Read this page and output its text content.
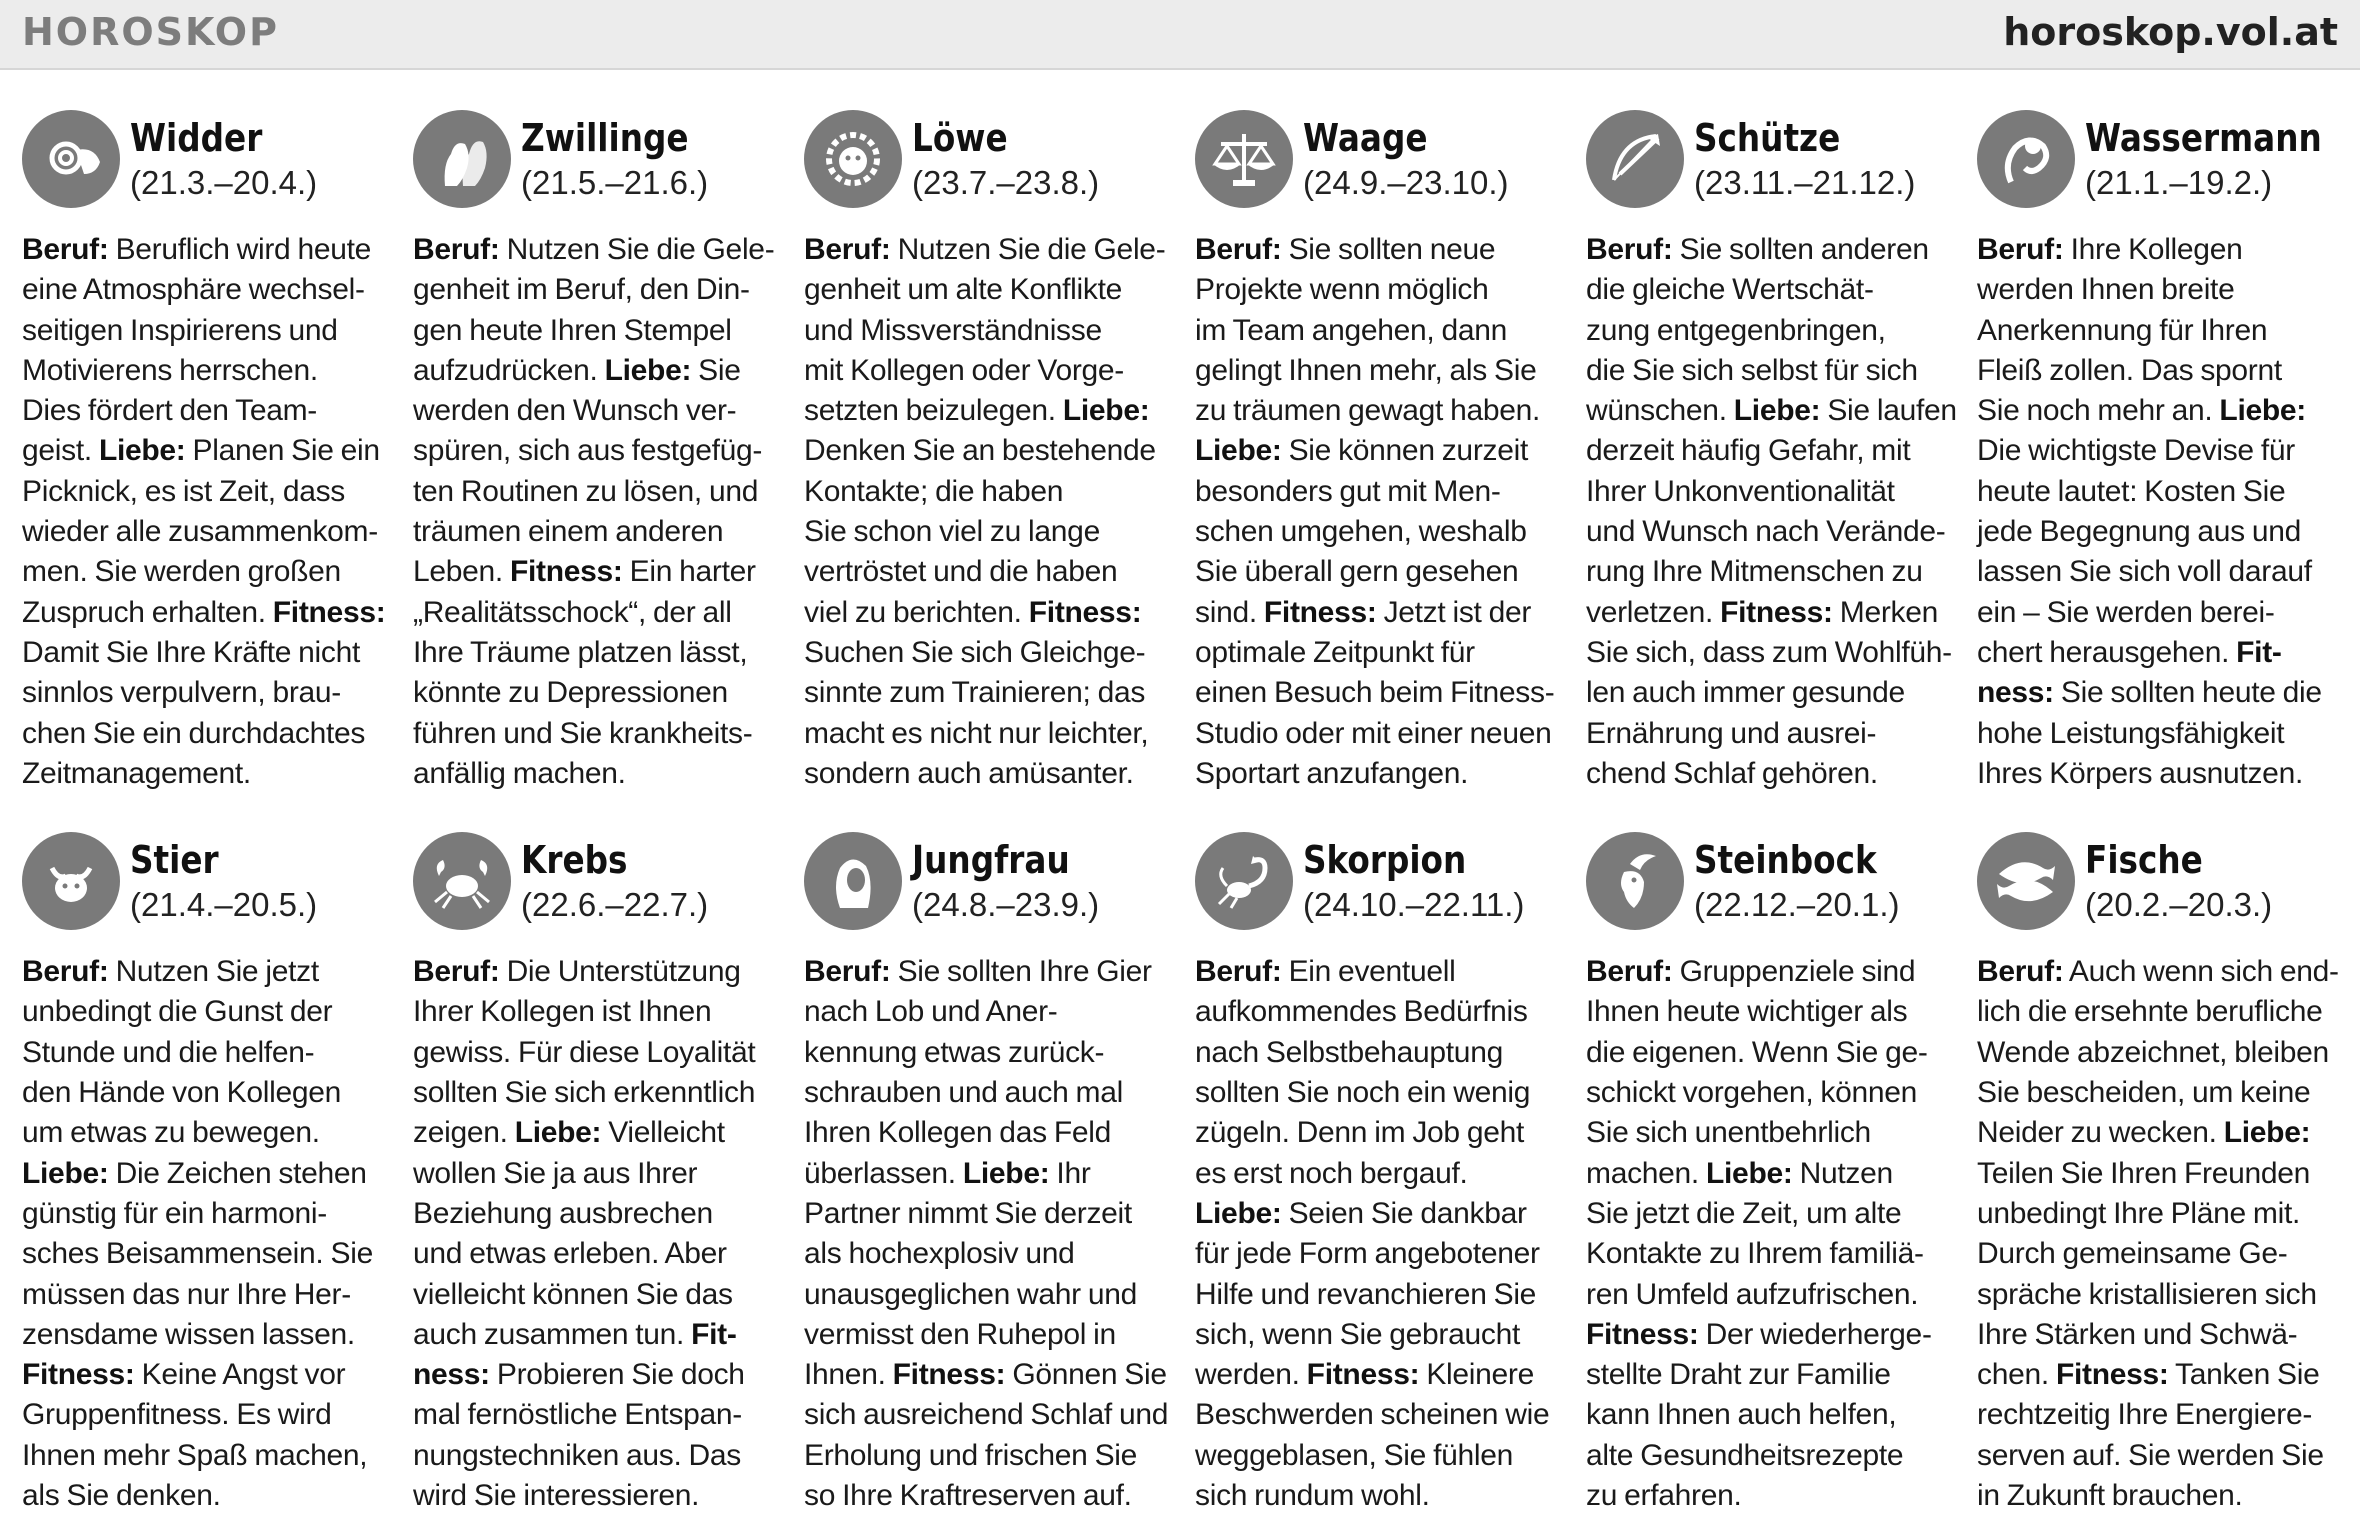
HOROSKOP	horoskop.vol.at
Widder
(21.3.–20.4.)
Beruf: Beruflich wird heute
eine Atmosphäre wechsel-
seitigen Inspirierens und
Motivierens herrschen.
Dies fördert den Team-
geist. Liebe: Planen Sie ein
Picknick, es ist Zeit, dass
wieder alle zusammenkom-
men. Sie werden großen
Zuspruch erhalten. Fitness:
Damit Sie Ihre Kräfte nicht
sinnlos verpulvern, brau-
chen Sie ein durchdachtes
Zeitmanagement.
Zwillinge
(21.5.–21.6.)
Beruf: Nutzen Sie die Gele-
genheit im Beruf, den Din-
gen heute Ihren Stempel
aufzudrücken. Liebe: Sie
werden den Wunsch ver-
spüren, sich aus festgefüg-
ten Routinen zu lösen, und
träumen einem anderen
Leben. Fitness: Ein harter
„Realitätsschock“, der all
Ihre Träume platzen lässt,
könnte zu Depressionen
führen und Sie krankheits-
anfällig machen.
Löwe
(23.7.–23.8.)
Beruf: Nutzen Sie die Gele-
genheit um alte Konflikte
und Missverständnisse
mit Kollegen oder Vorge-
setzten beizulegen. Liebe:
Denken Sie an bestehende
Kontakte; die haben
Sie schon viel zu lange
vertröstet und die haben
viel zu berichten. Fitness:
Suchen Sie sich Gleichge-
sinnte zum Trainieren; das
macht es nicht nur leichter,
sondern auch amüsanter.
Waage
(24.9.–23.10.)
Beruf: Sie sollten neue
Projekte wenn möglich
im Team angehen, dann
gelingt Ihnen mehr, als Sie
zu träumen gewagt haben.
Liebe: Sie können zurzeit
besonders gut mit Men-
schen umgehen, weshalb
Sie überall gern gesehen
sind. Fitness: Jetzt ist der
optimale Zeitpunkt für
einen Besuch beim Fitness-
Studio oder mit einer neuen
Sportart anzufangen.
Schütze
(23.11.–21.12.)
Beruf: Sie sollten anderen
die gleiche Wertschät-
zung entgegenbringen,
die Sie sich selbst für sich
wünschen. Liebe: Sie laufen
derzeit häufig Gefahr, mit
Ihrer Unkonventionalität
und Wunsch nach Verände-
rung Ihre Mitmenschen zu
verletzen. Fitness: Merken
Sie sich, dass zum Wohlfüh-
len auch immer gesunde
Ernährung und ausrei-
chend Schlaf gehören.
Wassermann
(21.1.–19.2.)
Beruf: Ihre Kollegen
werden Ihnen breite
Anerkennung für Ihren
Fleiß zollen. Das spornt
Sie noch mehr an. Liebe:
Die wichtigste Devise für
heute lautet: Kosten Sie
jede Begegnung aus und
lassen Sie sich voll darauf
ein – Sie werden berei-
chert herausgehen. Fit-
ness: Sie sollten heute die
hohe Leistungsfähigkeit
Ihres Körpers ausnutzen.
Stier
(21.4.–20.5.)
Beruf: Nutzen Sie jetzt
unbedingt die Gunst der
Stunde und die helfen-
den Hände von Kollegen
um etwas zu bewegen.
Liebe: Die Zeichen stehen
günstig für ein harmoni-
sches Beisammensein. Sie
müssen das nur Ihre Her-
zensdame wissen lassen.
Fitness: Keine Angst vor
Gruppenfitness. Es wird
Ihnen mehr Spaß machen,
als Sie denken.
Krebs
(22.6.–22.7.)
Beruf: Die Unterstützung
Ihrer Kollegen ist Ihnen
gewiss. Für diese Loyalität
sollten Sie sich erkenntlich
zeigen. Liebe: Vielleicht
wollen Sie ja aus Ihrer
Beziehung ausbrechen
und etwas erleben. Aber
vielleicht können Sie das
auch zusammen tun. Fit-
ness: Probieren Sie doch
mal fernöstliche Entspan-
nungstechniken aus. Das
wird Sie interessieren.
Jungfrau
(24.8.–23.9.)
Beruf: Sie sollten Ihre Gier
nach Lob und Aner-
kennung etwas zurück-
schrauben und auch mal
Ihren Kollegen das Feld
überlassen. Liebe: Ihr
Partner nimmt Sie derzeit
als hochexplosiv und
unausgeglichen wahr und
vermisst den Ruhepol in
Ihnen. Fitness: Gönnen Sie
sich ausreichend Schlaf und
Erholung und frischen Sie
so Ihre Kraftreserven auf.
Skorpion
(24.10.–22.11.)
Beruf: Ein eventuell
aufkommendes Bedürfnis
nach Selbstbehauptung
sollten Sie noch ein wenig
zügeln. Denn im Job geht
es erst noch bergauf.
Liebe: Seien Sie dankbar
für jede Form angebotener
Hilfe und revanchieren Sie
sich, wenn Sie gebraucht
werden. Fitness: Kleinere
Beschwerden scheinen wie
weggeblasen, Sie fühlen
sich rundum wohl.
Steinbock
(22.12.–20.1.)
Beruf: Gruppenziele sind
Ihnen heute wichtiger als
die eigenen. Wenn Sie ge-
schickt vorgehen, können
Sie sich unentbehrlich
machen. Liebe: Nutzen
Sie jetzt die Zeit, um alte
Kontakte zu Ihrem familiä-
ren Umfeld aufzufrischen.
Fitness: Der wiederherge-
stellte Draht zur Familie
kann Ihnen auch helfen,
alte Gesundheitsrezepte
zu erfahren.
Fische
(20.2.–20.3.)
Beruf: Auch wenn sich end-
lich die ersehnte berufliche
Wende abzeichnet, bleiben
Sie bescheiden, um keine
Neider zu wecken. Liebe:
Teilen Sie Ihren Freunden
unbedingt Ihre Pläne mit.
Durch gemeinsame Ge-
spräche kristallisieren sich
Ihre Stärken und Schwä-
chen. Fitness: Tanken Sie
rechtzeitig Ihre Energiere-
serven auf. Sie werden Sie
in Zukunft brauchen.
